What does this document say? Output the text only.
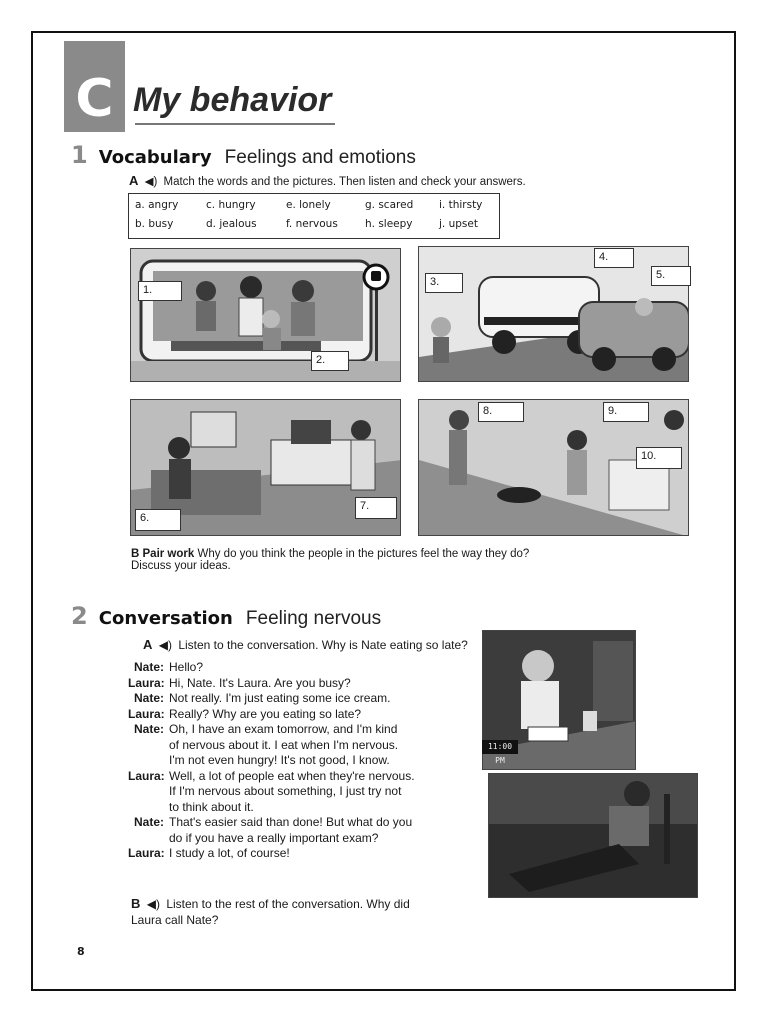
C My behavior
1 Vocabulary Feelings and emotions
A ◀) Match the words and the pictures. Then listen and check your answers.
a. angry	c. hungry	e. lonely	g. scared i. thirsty
b. busy	d. jealous	f. nervous	h. sleepy	j. upset
1.
2.
3.
4.
5.
6.
7.
8.	9.
10.
B Pair work Why do you think the people in the pictures feel the way they do?
Discuss your ideas.
2 Conversation Feeling nervous
A ◀) Listen to the conversation. Why is Nate eating so late?
Nate: Hello?
Laura: Hi, Nate. It's Laura. Are you busy?
Nate: Not really. I'm just eating some ice cream.
Laura: Really? Why are you eating so late?
Nate: Oh, I have an exam tomorrow, and I'm kind
of nervous about it. I eat when I'm nervous.
I'm not even hungry! It's not good, I know.
Laura: Well, a lot of people eat when they're nervous.
If I'm nervous about something, I just try not
to think about it.
Nate: That's easier said than done! But what do you
do if you have a really important exam?
Laura: I study a lot, of course!
B ◀) Listen to the rest of the conversation. Why did
Laura call Nate?
11:00 PM
8
